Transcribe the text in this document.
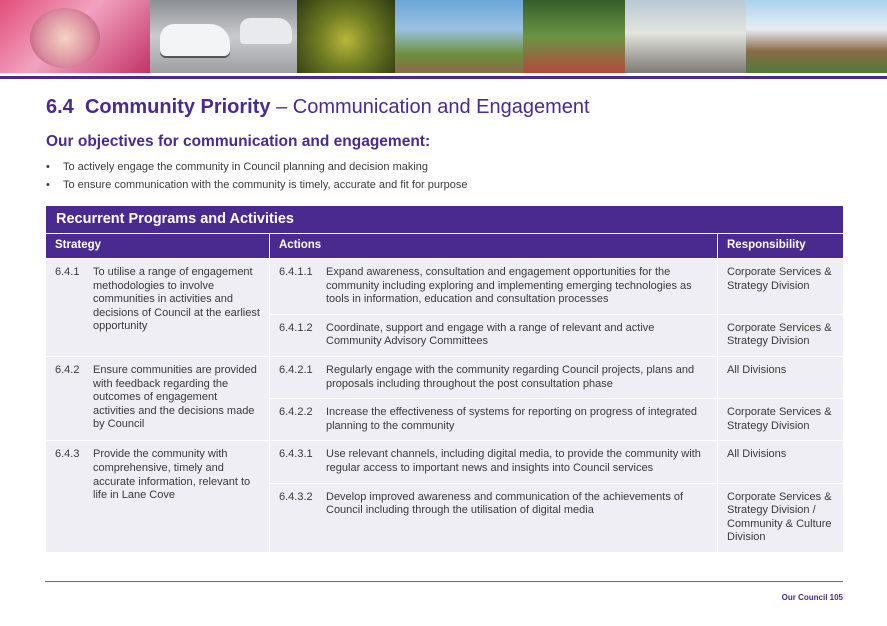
6.4 Community Priority – Communication and Engagement
Our objectives for communication and engagement:
• To actively engage the community in Council planning and decision making
• To ensure communication with the community is timely, accurate and fit for purpose
Recurrent Programs and Activities		
Strategy	Actions	Responsibility

6.4.1 To utilise a range of engagement methodologies to involve communities in activities and decisions of Council at the earliest opportunity	6.4.1.1 Expand awareness, consultation and engagement opportunities for the community including exploring and implementing emerging technologies as tools in information, education and consultation processes	Corporate Services & Strategy Division

	6.4.1.2 Coordinate, support and engage with a range of relevant and active Community Advisory Committees	Corporate Services & Strategy Division

6.4.2 Ensure communities are provided with feedback regarding the outcomes of engagement activities and the decisions made by Council	6.4.2.1 Regularly engage with the community regarding Council projects, plans and proposals including throughout the post consultation phase	All Divisions

	6.4.2.2 Increase the effectiveness of systems for reporting on progress of integrated planning to the community	Corporate Services & Strategy Division

6.4.3 Provide the community with comprehensive, timely and accurate information, relevant to life in Lane Cove	6.4.3.1 Use relevant channels, including digital media, to provide the community with regular access to important news and insights into Council services	All Divisions

	6.4.3.2 Develop improved awareness and communication of the achievements of Council including through the utilisation of digital media	Corporate Services & Strategy Division / Community & Culture Division
Our Council 105
